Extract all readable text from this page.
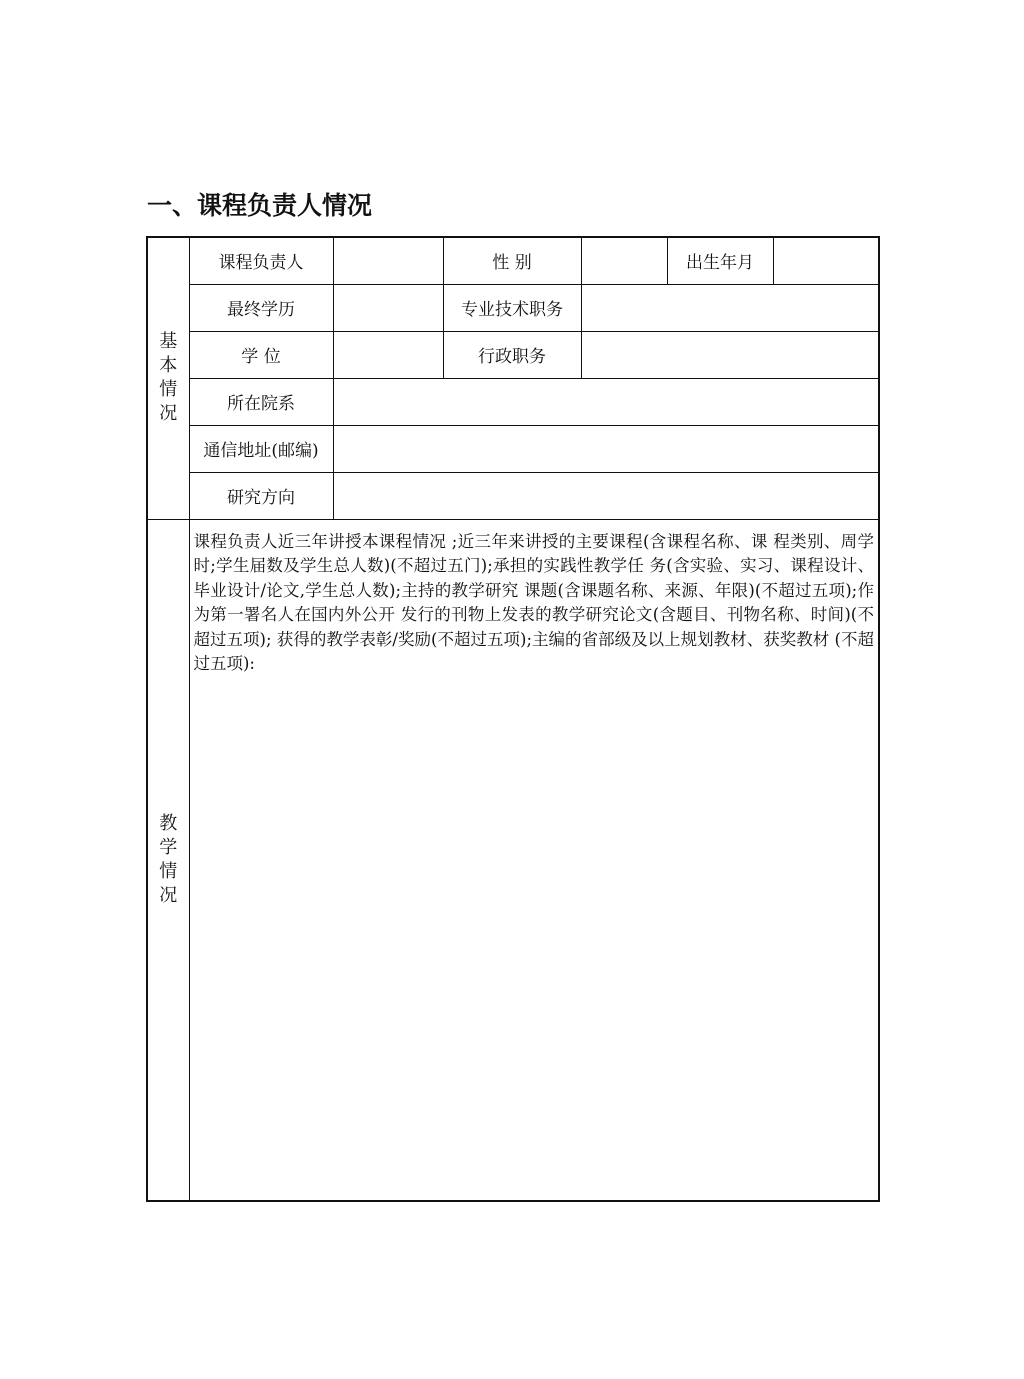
一、课程负责人情况
基本情况	课程负责人		性 别		出生年月	
	最终学历		专业技术职务			
	学 位		行政职务			
	所在院系					
	通信地址(邮编)					
	研究方向					
教学情况	课程负责人近三年讲授本课程情况 ;近三年来讲授的主要课程(含课程名称、课 程类别、周学时;学生届数及学生总人数)(不超过五门);承担的实践性教学任 务(含实验、实习、课程设计、毕业设计/论文,学生总人数);主持的教学研究 课题(含课题名称、来源、年限)(不超过五项);作为第一署名人在国内外公开 发行的刊物上发表的教学研究论文(含题目、刊物名称、时间)(不超过五项); 获得的教学表彰/奖励(不超过五项);主编的省部级及以上规划教材、获奖教材 (不超过五项):					
